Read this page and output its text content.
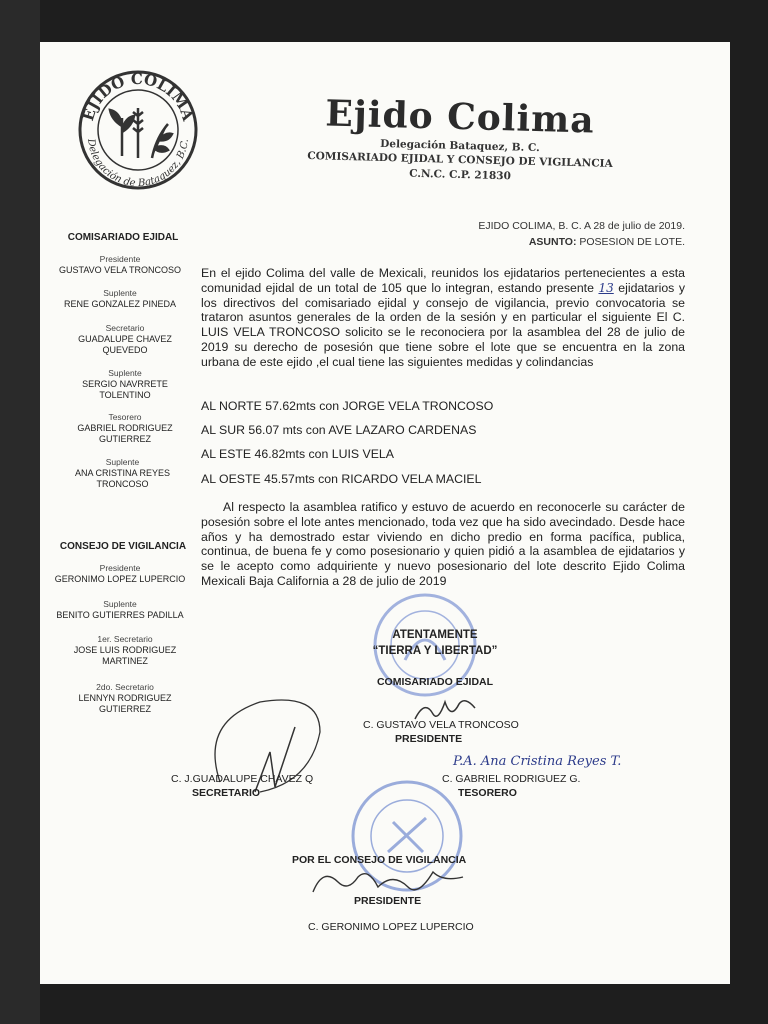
EJIDO COLIMA
Delegación de Bataquez, B.C.	Ejido Colima
Delegación Bataquez, B. C.
COMISARIADO EJIDAL Y CONSEJO DE VIGILANCIA
C.N.C. C.P. 21830
COMISARIADO EJIDAL
Presidente
GUSTAVO VELA TRONCOSO
Suplente
RENE GONZALEZ PINEDA
Secretario
GUADALUPE CHAVEZ QUEVEDO
Suplente
SERGIO NAVRRETE TOLENTINO
Tesorero
GABRIEL RODRIGUEZ GUTIERREZ
Suplente
ANA CRISTINA REYES TRONCOSO
CONSEJO DE VIGILANCIA
Presidente
GERONIMO LOPEZ LUPERCIO
Suplente
BENITO GUTIERRES PADILLA
1er. Secretario
JOSE LUIS RODRIGUEZ MARTINEZ
2do. Secretario
LENNYN RODRIGUEZ GUTIERREZ
EJIDO COLIMA, B. C. A 28 de julio de 2019.
ASUNTO: POSESION DE LOTE.
En el ejido Colima del valle de Mexicali, reunidos los ejidatarios pertenecientes a esta comunidad ejidal de un total de 105 que lo integran, estando presente 13 ejidatarios y los directivos del comisariado ejidal y consejo de vigilancia, previo convocatoria se trataron asuntos generales de la orden de la sesión y en particular el siguiente El C. LUIS VELA TRONCOSO solicito se le reconociera por la asamblea del 28 de julio de 2019 su derecho de posesión que tiene sobre el lote que se encuentra en la zona urbana de este ejido ,el cual tiene las siguientes medidas y colindancias
AL NORTE 57.62mts con JORGE VELA TRONCOSO
AL SUR 56.07 mts con AVE LAZARO CARDENAS
AL ESTE 46.82mts con LUIS VELA
AL OESTE 45.57mts con RICARDO VELA MACIEL
Al respecto la asamblea ratifico y estuvo de acuerdo en reconocerle su carácter de posesión sobre el lote antes mencionado, toda vez que ha sido avecindado. Desde hace años y ha demostrado estar viviendo en dicho predio en forma pacífica, publica, continua, de buena fe y como posesionario y quien pidió a la asamblea de ejidatarios y se le acepto como adquiriente y nuevo posesionario del lote descrito Ejido Colima Mexicali Baja California a 28 de julio de 2019
ATENTAMENTE
“TIERRA Y LIBERTAD”
COMISARIADO EJIDAL
C. GUSTAVO VELA TRONCOSO
PRESIDENTE
C. J.GUADALUPE CHAVEZ Q
SECRETARIO
P.A. Ana Cristina Reyes T.
C. GABRIEL RODRIGUEZ G.
TESORERO
POR EL CONSEJO DE VIGILANCIA
PRESIDENTE
C. GERONIMO LOPEZ LUPERCIO
